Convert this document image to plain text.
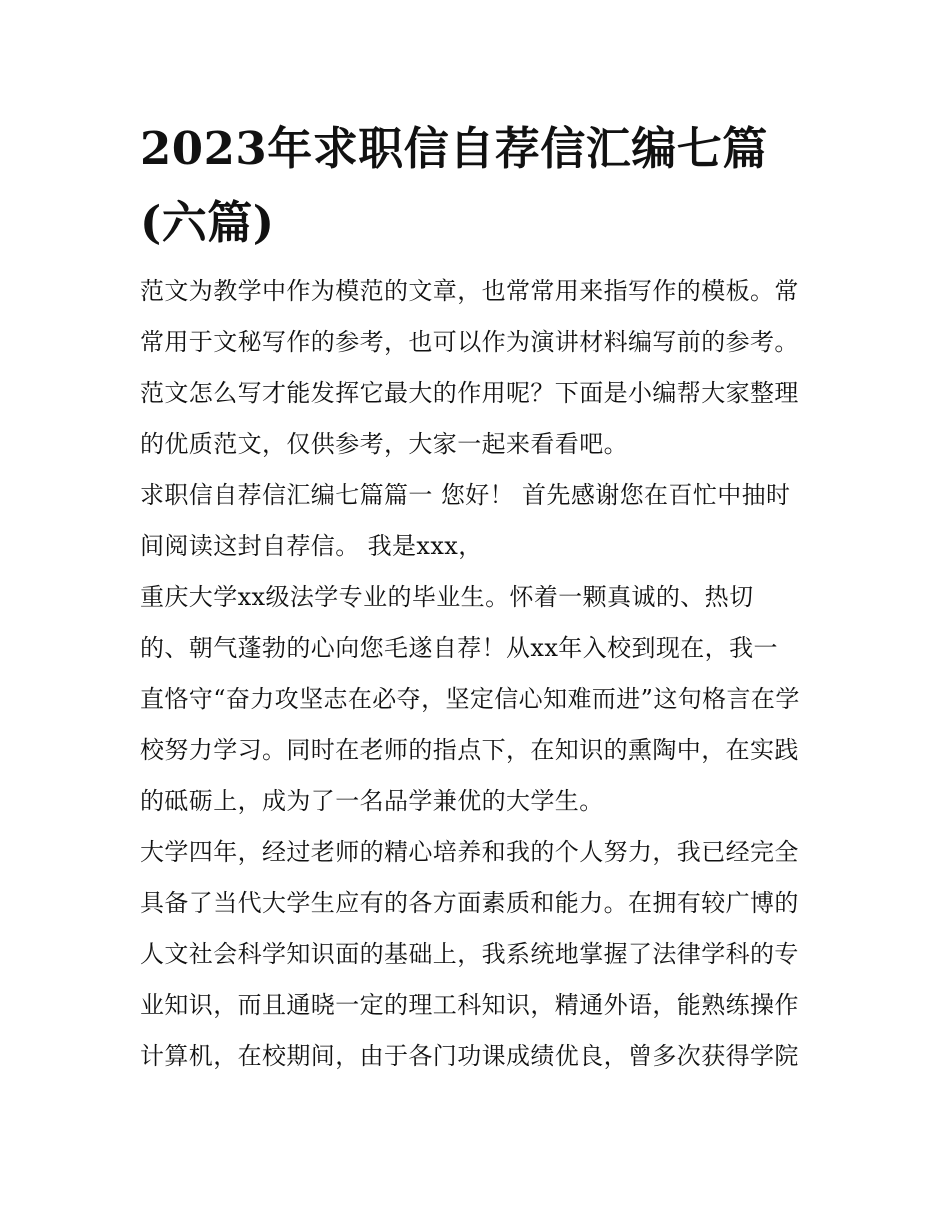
2023年求职信自荐信汇编七篇
(六篇)

范文为教学中作为模范的文章，也常常用来指写作的模板。常
常用于文秘写作的参考，也可以作为演讲材料编写前的参考。
范文怎么写才能发挥它最大的作用呢？下面是小编帮大家整理
的优质范文，仅供参考，大家一起来看看吧。

求职信自荐信汇编七篇篇一 您好！ 首先感谢您在百忙中抽时
间阅读这封自荐信。 我是xxx，

重庆大学xx级法学专业的毕业生。怀着一颗真诚的、热切
的、朝气蓬勃的心向您毛遂自荐！从xx年入校到现在，我一
直恪守“奋力攻坚志在必夺，坚定信心知难而进”这句格言在学
校努力学习。同时在老师的指点下，在知识的熏陶中，在实践
的砥砺上，成为了一名品学兼优的大学生。

大学四年，经过老师的精心培养和我的个人努力，我已经完全
具备了当代大学生应有的各方面素质和能力。在拥有较广博的
人文社会科学知识面的基础上，我系统地掌握了法律学科的专
业知识，而且通晓一定的理工科知识，精通外语，能熟练操作
计算机，在校期间，由于各门功课成绩优良，曾多次获得学院
